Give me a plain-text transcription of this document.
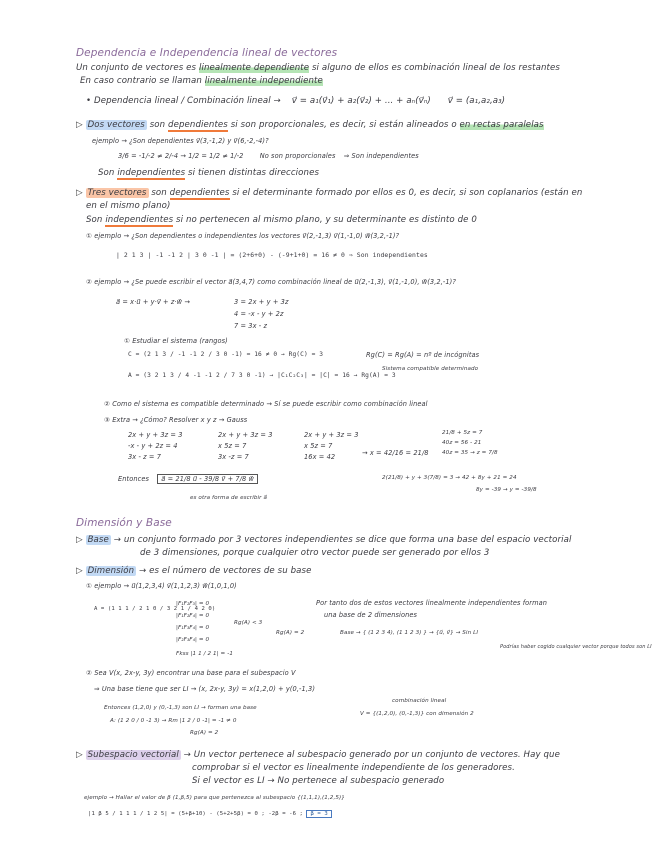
Dependencia e Independencia lineal de vectores
Un conjunto de vectores es linealmente dependiente si alguno de ellos es combinación lineal de los restantes
En caso contrario se llaman linealmente independiente
• Dependencia lineal / Combinación lineal → v⃗ = a₁(v⃗₁) + a₂(v⃗₂) + ... + aₙ(v⃗ₙ) v⃗ = (a₁,a₂,a₃)
▷ Dos vectores son dependientes si son proporcionales, es decir, si están alineados o en rectas paralelas
ejemplo → ¿Son dependientes v⃗(3,-1,2) y v⃗(6,-2,-4)?
3/6 = -1/-2 ≠ 2/-4 → 1/2 = 1/2 ≠ 1/-2 No son proporcionales ⇒ Son independientes
Son independientes si tienen distintas direcciones
▷ Tres vectores son dependientes si el determinante formado por ellos es 0, es decir, si son coplanarios (están en
en el mismo plano)
Son independientes si no pertenecen al mismo plano, y su determinante es distinto de 0
① ejemplo → ¿Son dependientes o independientes los vectores v⃗(2,-1,3) v⃗(1,-1,0) w⃗(3,2,-1)?
| 2 1 3 | -1 -1 2 | 3 0 -1 | = (2+6+0) - (-9+1+0) = 16 ≠ 0 ⇒ Son independientes
② ejemplo → ¿Se puede escribir el vector a⃗(3,4,7) como combinación lineal de u⃗(2,-1,3), v⃗(1,-1,0), w⃗(3,2,-1)?
a⃗ = x·u⃗ + y·v⃗ + z·w⃗ →	3 = 2x + y + 3z
4 = -x - y + 2z
7 = 3x - z
① Estudiar el sistema (rangos)
C = (2 1 3 / -1 -1 2 / 3 0 -1) = 16 ≠ 0 → Rg(C) = 3
A = (3 2 1 3 / 4 -1 -1 2 / 7 3 0 -1) → |C₁C₂C₃| = |C| = 16 → Rg(A) = 3
Rg(C) = Rg(A) = nº de incógnitas
Sistema compatible determinado
② Como el sistema es compatible determinado → Sí se puede escribir como combinación lineal
③ Extra → ¿Cómo? Resolver x y z → Gauss
2x + y + 3z = 3
-x - y + 2z = 4
3x - z = 7
2x + y + 3z = 3
x 5z = 7
3x -z = 7
2x + y + 3z = 3
x 5z = 7
16x = 42	→ x = 42/16 = 21/8
21/8 + 5z = 7
40z = 56 - 21
40z = 35 → z = 7/8
2(21/8) + y + 3(7/8) = 3 → 42 + 8y + 21 = 24
8y = -39 → y = -39/8
Entonces a⃗ = 21/8 u⃗ - 39/8 v⃗ + 7/8 w⃗
es otra forma de escribir a⃗
Dimensión y Base
▷ Base → un conjunto formado por 3 vectores independientes se dice que forma una base del espacio vectorial
de 3 dimensiones, porque cualquier otro vector puede ser generado por ellos 3
▷ Dimensión → es el número de vectores de su base
① ejemplo → u⃗(1,2,3,4) v⃗(1,1,2,3) w⃗(1,0,1,0)
A = (1 1 1 / 2 1 0 / 3 2 1 / 4 2 0)
|F₁F₂F₃| = 0
|F₁F₂F₄| = 0
|F₁F₃F₄| = 0
|F₂F₃F₄| = 0
Rg(A) < 3
Fkss |1 1 / 2 1| = -1
Rg(A) = 2
Por tanto dos de estos vectores linealmente independientes forman
una base de 2 dimensiones
Base → { (1 2 3 4), (1 1 2 3) } → {u⃗, v⃗} → Sin LI
Podrías haber cogido cualquier vector porque todos son LI
② Sea V(x, 2x-y, 3y) encontrar una base para el subespacio V
⇒ Una base tiene que ser LI → (x, 2x-y, 3y) = x(1,2,0) + y(0,-1,3)
combinación lineal
Entonces (1,2,0) y (0,-1,3) son LI → forman una base
V = {(1,2,0), (0,-1,3)} con dimensión 2
A: (1 2 0 / 0 -1 3) → Rm |1 2 / 0 -1| = -1 ≠ 0
Rg(A) = 2
▷ Subespacio vectorial → Un vector pertenece al subespacio generado por un conjunto de vectores. Hay que
comprobar si el vector es linealmente independiente de los generadores.
Si el vector es LI → No pertenece al subespacio generado
ejemplo → Hallar el valor de β (1,β,5) para que pertenezca al subespacio {(1,1,1),(1,2,5)}
|1 β 5 / 1 1 1 / 1 2 5| = (5+β+10) - (5+2+5β) = 0 ; -2β = -6 ; β = 3
